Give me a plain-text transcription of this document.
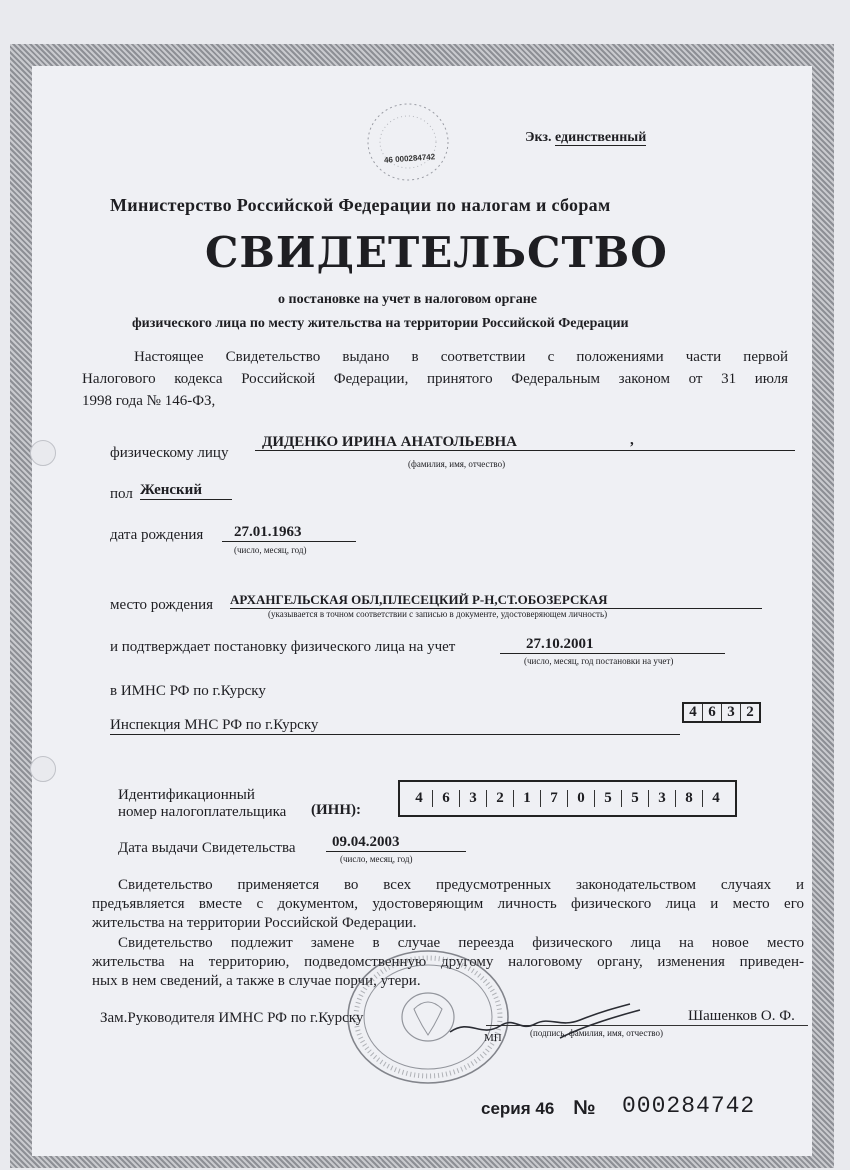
46 000284742
Экз. единственный
Министерство Российской Федерации по налогам и сборам
СВИДЕТЕЛЬСТВО
о постановке на учет в налоговом органе
физического лица по месту жительства на территории Российской Федерации
Настоящее Свидетельство выдано в соответствии с положениями части первой
Налогового кодекса Российской Федерации, принятого Федеральным законом от 31 июля
1998 года № 146-ФЗ,
физическому лицу
ДИДЕНКО ИРИНА АНАТОЛЬЕВНА	,
(фамилия, имя, отчество)
пол Женский
дата рождения	27.01.1963
(число, месяц, год)
место рождения АРХАНГЕЛЬСКАЯ ОБЛ,ПЛЕСЕЦКИЙ Р-Н,СТ.ОБОЗЕРСКАЯ
(указывается в точном соответствии с записью в документе, удостоверяющем личность)
и подтверждает постановку физического лица на учет	27.10.2001
(число, месяц, год постановки на учет)
в ИМНС РФ по г.Курску
Инспекция МНС РФ по г.Курску
4 6 3 2
Идентификационный
номер налогоплательщика (ИНН):
4	6	3	2	1	7	0	5	5	3	8	4
Дата выдачи Свидетельства	09.04.2003
(число, месяц, год)
Свидетельство применяется во всех предусмотренных законодательством случаях и
предъявляется вместе с документом, удостоверяющим личность физического лица и место его
жительства на территории Российской Федерации.
Свидетельство подлежит замене в случае переезда физического лица на новое место
жительства на территорию, подведомственную другому налоговому органу, изменения приведен-
ных в нем сведений, а также в случае порчи, утери.
Зам.Руководителя ИМНС РФ по г.Курску	Шашенков О. Ф.
(подпись, фамилия, имя, отчество)
МП
серия 46 № 000284742
